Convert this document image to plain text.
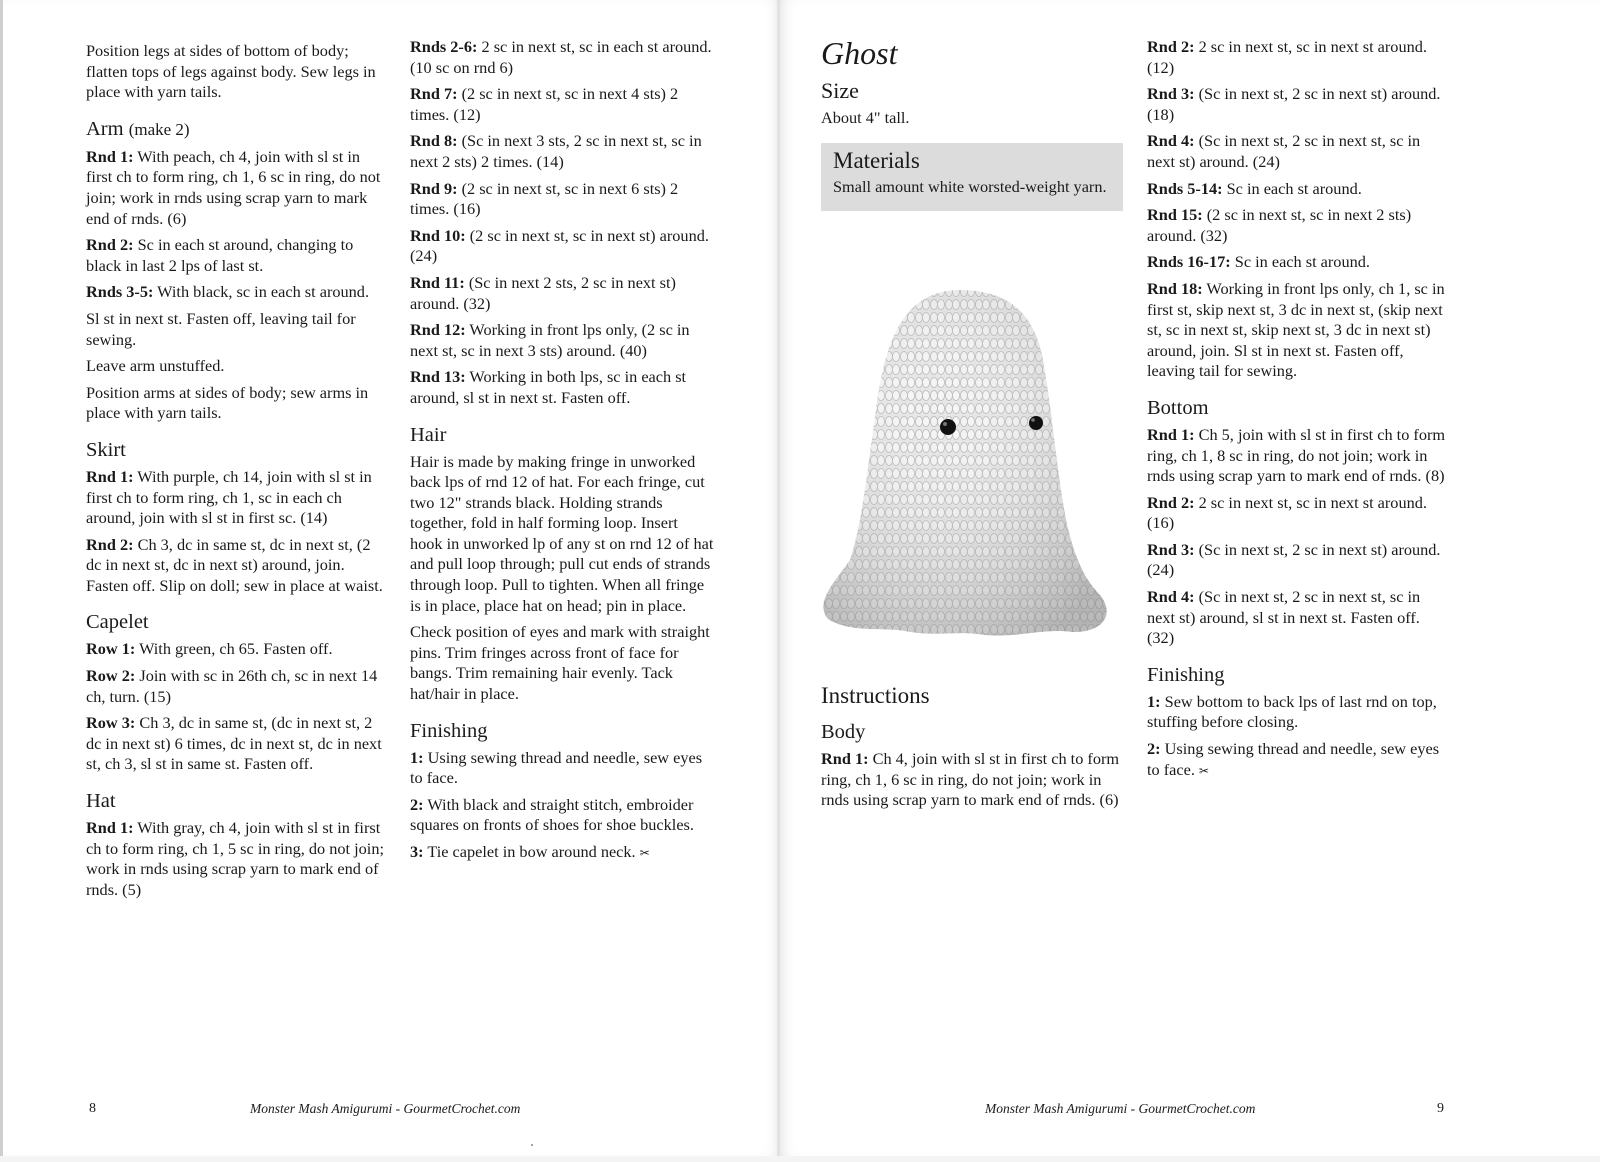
Position legs at sides of bottom of body; flatten tops of legs against body. Sew legs in place with yarn tails.

Arm (make 2)

Rnd 1: With peach, ch 4, join with sl st in first ch to form ring, ch 1, 6 sc in ring, do not join; work in rnds using scrap yarn to mark end of rnds. (6)

Rnd 2: Sc in each st around, changing to black in last 2 lps of last st.

Rnds 3-5: With black, sc in each st around.

Sl st in next st. Fasten off, leaving tail for sewing.

Leave arm unstuffed.

Position arms at sides of body; sew arms in place with yarn tails.

Skirt

Rnd 1: With purple, ch 14, join with sl st in first ch to form ring, ch 1, sc in each ch around, join with sl st in first sc. (14)

Rnd 2: Ch 3, dc in same st, dc in next st, (2 dc in next st, dc in next st) around, join. Fasten off. Slip on doll; sew in place at waist.

Capelet

Row 1: With green, ch 65. Fasten off.

Row 2: Join with sc in 26th ch, sc in next 14 ch, turn. (15)

Row 3: Ch 3, dc in same st, (dc in next st, 2 dc in next st) 6 times, dc in next st, dc in next st, ch 3, sl st in same st. Fasten off.

Hat

Rnd 1: With gray, ch 4, join with sl st in first ch to form ring, ch 1, 5 sc in ring, do not join; work in rnds using scrap yarn to mark end of rnds. (5)

Rnds 2-6: 2 sc in next st, sc in each st around. (10 sc on rnd 6)

Rnd 7: (2 sc in next st, sc in next 4 sts) 2 times. (12)

Rnd 8: (Sc in next 3 sts, 2 sc in next st, sc in next 2 sts) 2 times. (14)

Rnd 9: (2 sc in next st, sc in next 6 sts) 2 times. (16)

Rnd 10: (2 sc in next st, sc in next st) around. (24)

Rnd 11: (Sc in next 2 sts, 2 sc in next st) around. (32)

Rnd 12: Working in front lps only, (2 sc in next st, sc in next 3 sts) around. (40)

Rnd 13: Working in both lps, sc in each st around, sl st in next st. Fasten off.

Hair

Hair is made by making fringe in unworked back lps of rnd 12 of hat. For each fringe, cut two 12" strands black. Holding strands together, fold in half forming loop. Insert hook in unworked lp of any st on rnd 12 of hat and pull loop through; pull cut ends of strands through loop. Pull to tighten. When all fringe is in place, place hat on head; pin in place.

Check position of eyes and mark with straight pins. Trim fringes across front of face for bangs. Trim remaining hair evenly. Tack hat/hair in place.

Finishing

1: Using sewing thread and needle, sew eyes to face.

2: With black and straight stitch, embroider squares on fronts of shoes for shoe buckles.

3: Tie capelet in bow around neck. ✂

8	Monster Mash Amigurumi - GourmetCrochet.com
Ghost
Size

About 4" tall.

Materials

Small amount white worsted-weight yarn.

Instructions
Body

Rnd 1: Ch 4, join with sl st in first ch to form ring, ch 1, 6 sc in ring, do not join; work in rnds using scrap yarn to mark end of rnds. (6)

Rnd 2: 2 sc in next st, sc in next st around. (12)

Rnd 3: (Sc in next st, 2 sc in next st) around. (18)

Rnd 4: (Sc in next st, 2 sc in next st, sc in next st) around. (24)

Rnds 5-14: Sc in each st around.

Rnd 15: (2 sc in next st, sc in next 2 sts) around. (32)

Rnds 16-17: Sc in each st around.

Rnd 18: Working in front lps only, ch 1, sc in first st, skip next st, 3 dc in next st, (skip next st, sc in next st, skip next st, 3 dc in next st) around, join. Sl st in next st. Fasten off, leaving tail for sewing.

Bottom

Rnd 1: Ch 5, join with sl st in first ch to form ring, ch 1, 8 sc in ring, do not join; work in rnds using scrap yarn to mark end of rnds. (8)

Rnd 2: 2 sc in next st, sc in next st around. (16)

Rnd 3: (Sc in next st, 2 sc in next st) around. (24)

Rnd 4: (Sc in next st, 2 sc in next st, sc in next st) around, sl st in next st. Fasten off. (32)

Finishing

1: Sew bottom to back lps of last rnd on top, stuffing before closing.

2: Using sewing thread and needle, sew eyes to face. ✂

Monster Mash Amigurumi - GourmetCrochet.com	9
